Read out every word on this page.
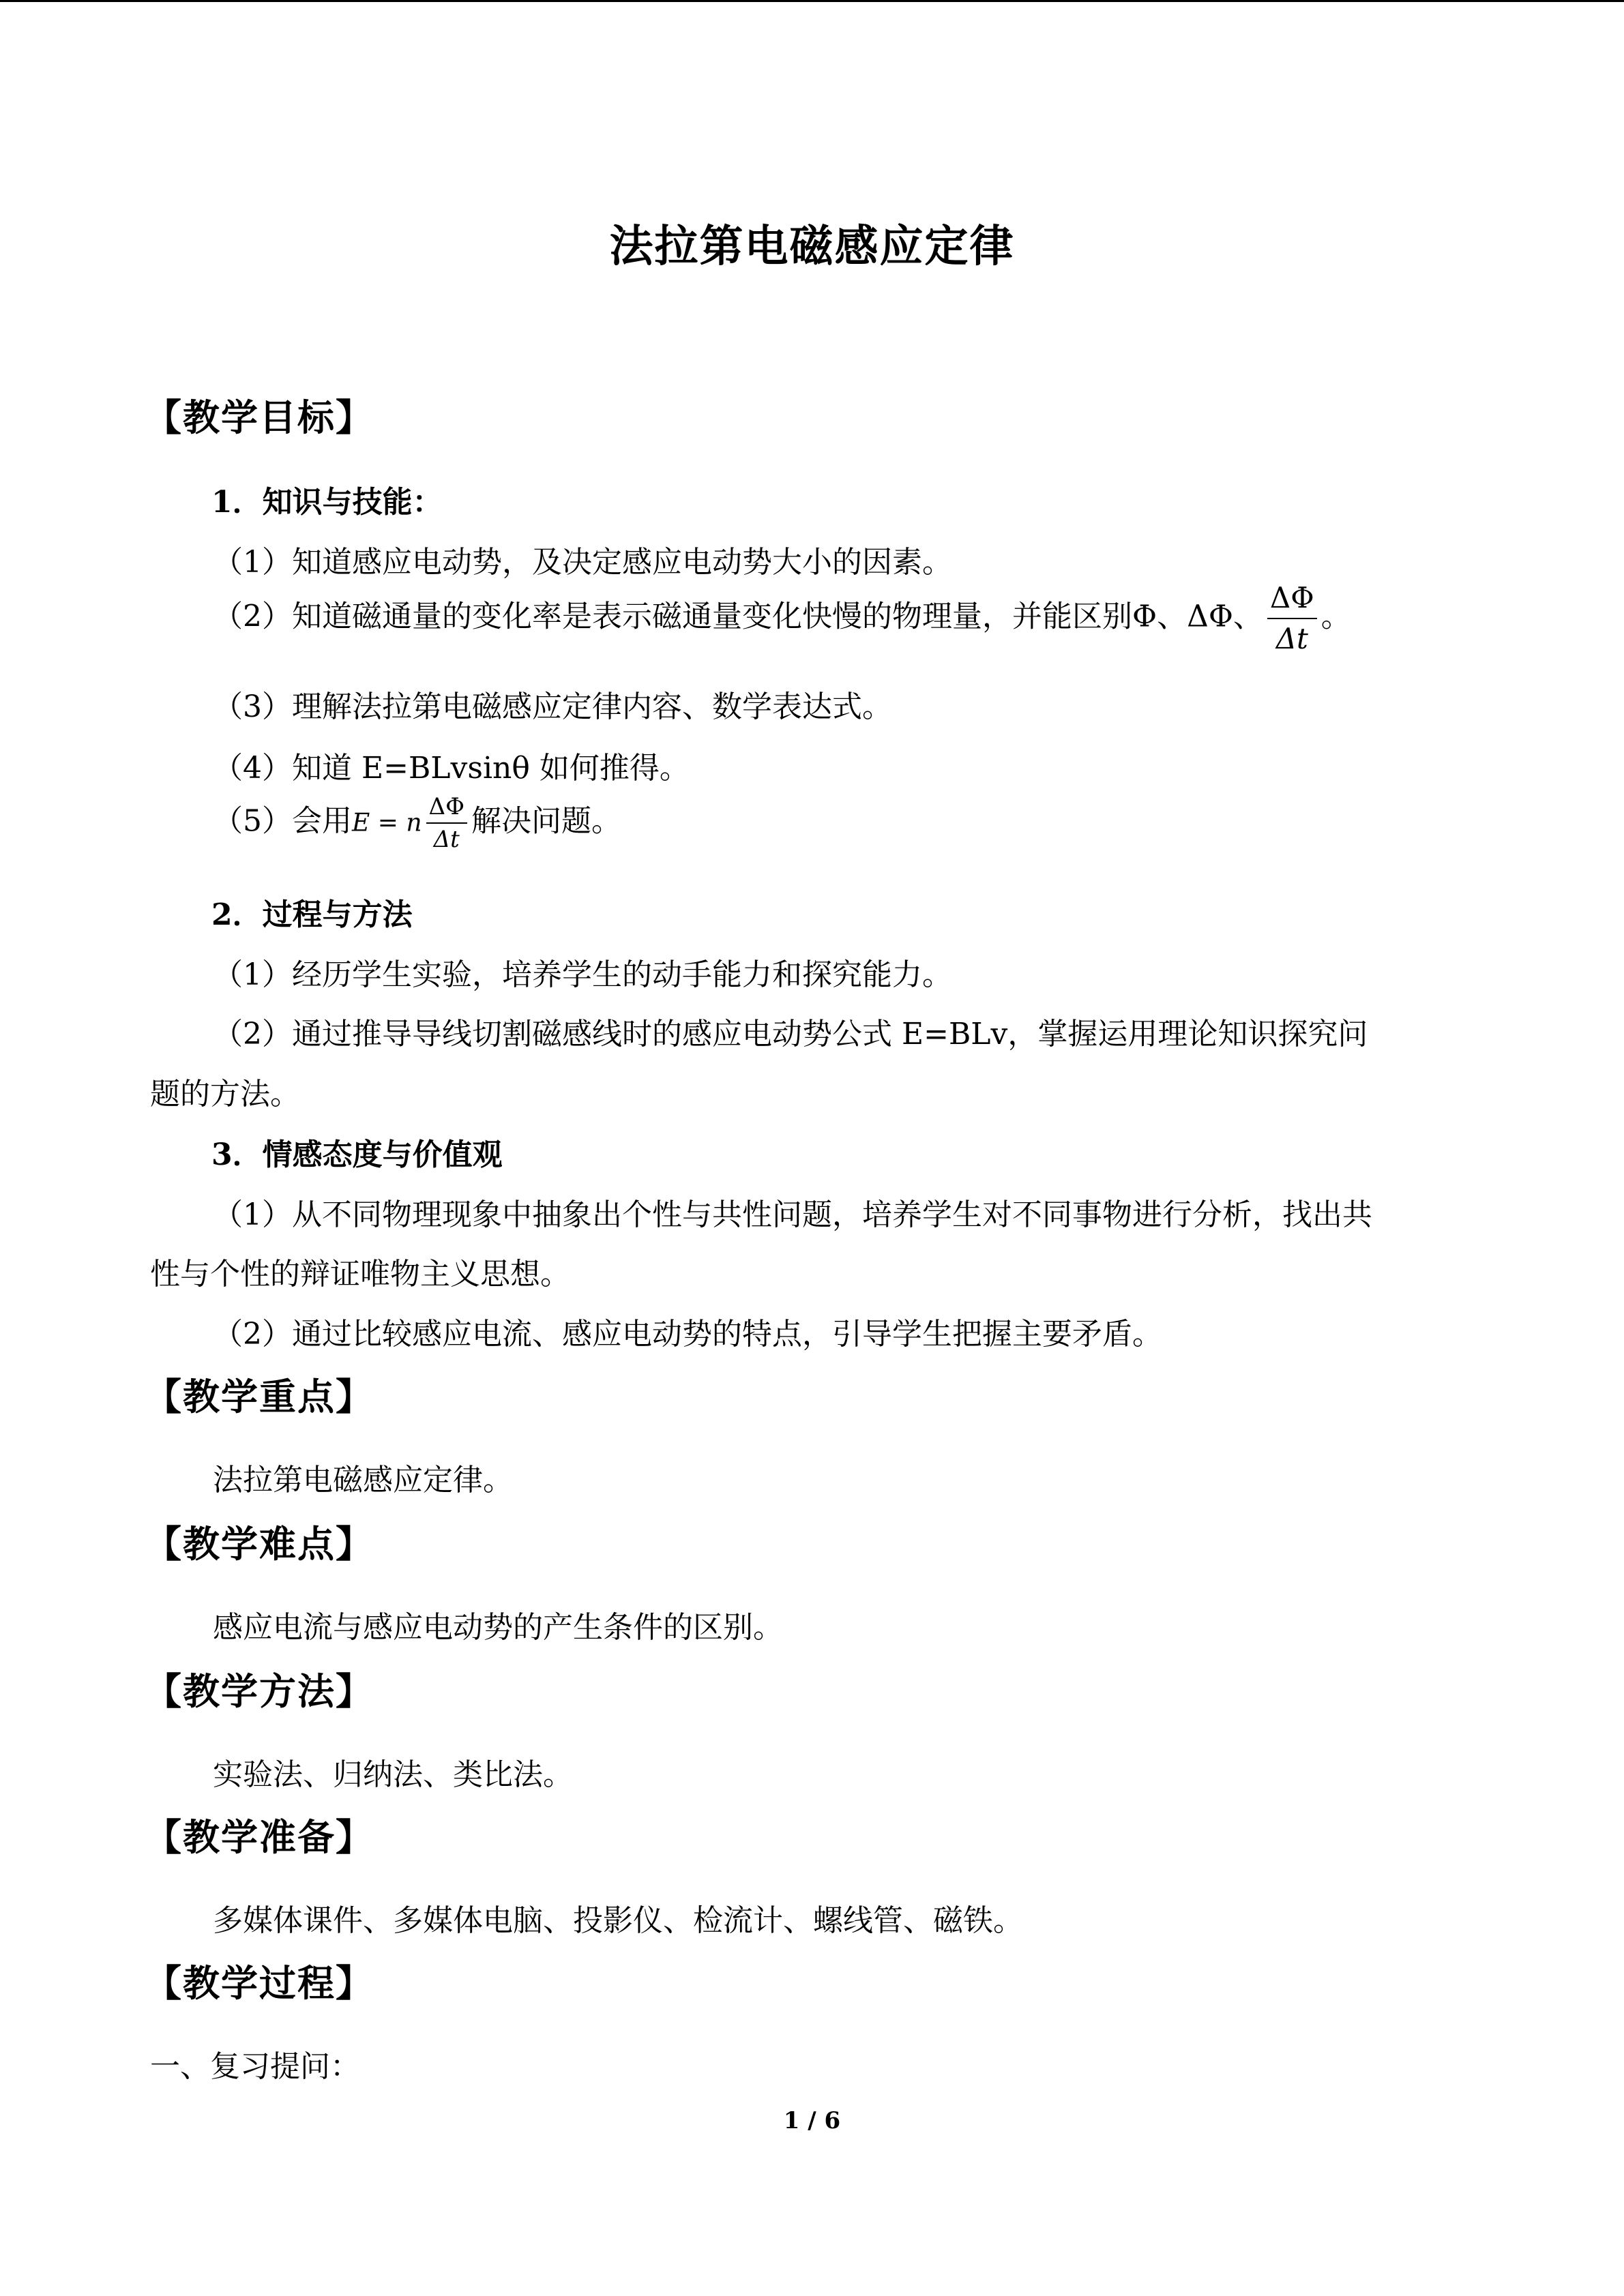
法拉第电磁感应定律
【教学目标】
1．知识与技能：
（1）知道感应电动势，及决定感应电动势大小的因素。
（2）知道磁通量的变化率是表示磁通量变化快慢的物理量，并能区别Φ、ΔΦ、 $\frac{\Delta\Phi}{\Delta t}$ 。
（3）理解法拉第电磁感应定律内容、数学表达式。
（4）知道 E=BLvsinθ 如何推得。
（5）会用E = n $\frac{\Delta\Phi}{\Delta t}$ 解决问题。
2．过程与方法
（1）经历学生实验，培养学生的动手能力和探究能力。
（2）通过推导导线切割磁感线时的感应电动势公式 E=BLv，掌握运用理论知识探究问
题的方法。
3．情感态度与价值观
（1）从不同物理现象中抽象出个性与共性问题，培养学生对不同事物进行分析，找出共
性与个性的辩证唯物主义思想。
（2）通过比较感应电流、感应电动势的特点，引导学生把握主要矛盾。
【教学重点】
法拉第电磁感应定律。
【教学难点】
感应电流与感应电动势的产生条件的区别。
【教学方法】
实验法、归纳法、类比法。
【教学准备】
多媒体课件、多媒体电脑、投影仪、检流计、螺线管、磁铁。
【教学过程】
一、复习提问：
1 / 6
